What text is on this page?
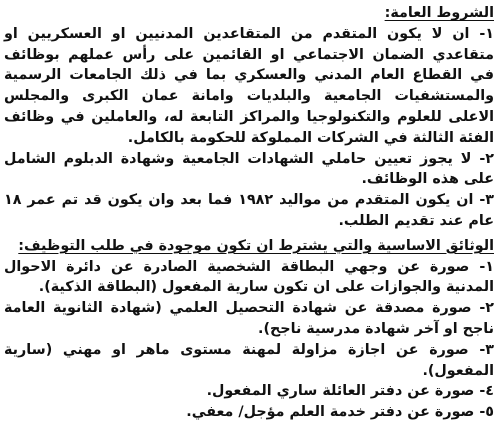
الشروط العامة:

١- ان لا يكون المتقدم من المتقاعدين المدنيين او العسكريين او متقاعدي الضمان الاجتماعي او القائمين على رأس عملهم بوظائف في القطاع العام المدني والعسكري بما في ذلك الجامعات الرسمية والمستشفيات الجامعية والبلديات وامانة عمان الكبرى والمجلس الاعلى للعلوم والتكنولوجيا والمراكز التابعة له، والعاملين في وظائف الفئة الثالثة في الشركات المملوكة للحكومة بالكامل.

٢- لا يجوز تعيين حاملي الشهادات الجامعية وشهادة الدبلوم الشامل على هذه الوظائف.

٣- ان يكون المتقدم من مواليد ١٩٨٢ فما بعد وان يكون قد تم عمر ١٨ عام عند تقديم الطلب.

الوثائق الاساسية والتي يشترط ان تكون موجودة في طلب التوظيف:

١- صورة عن وجهي البطاقة الشخصية الصادرة عن دائرة الاحوال المدنية والجوازات على ان تكون سارية المفعول (البطاقة الذكية).

٢- صورة مصدقة عن شهادة التحصيل العلمي (شهادة الثانوية العامة ناجح او آخر شهادة مدرسية ناجح).

٣- صورة عن اجازة مزاولة لمهنة مستوى ماهر او مهني (سارية المفعول).

٤- صورة عن دفتر العائلة ساري المفعول.

٥- صورة عن دفتر خدمة العلم مؤجل/ معفي.
